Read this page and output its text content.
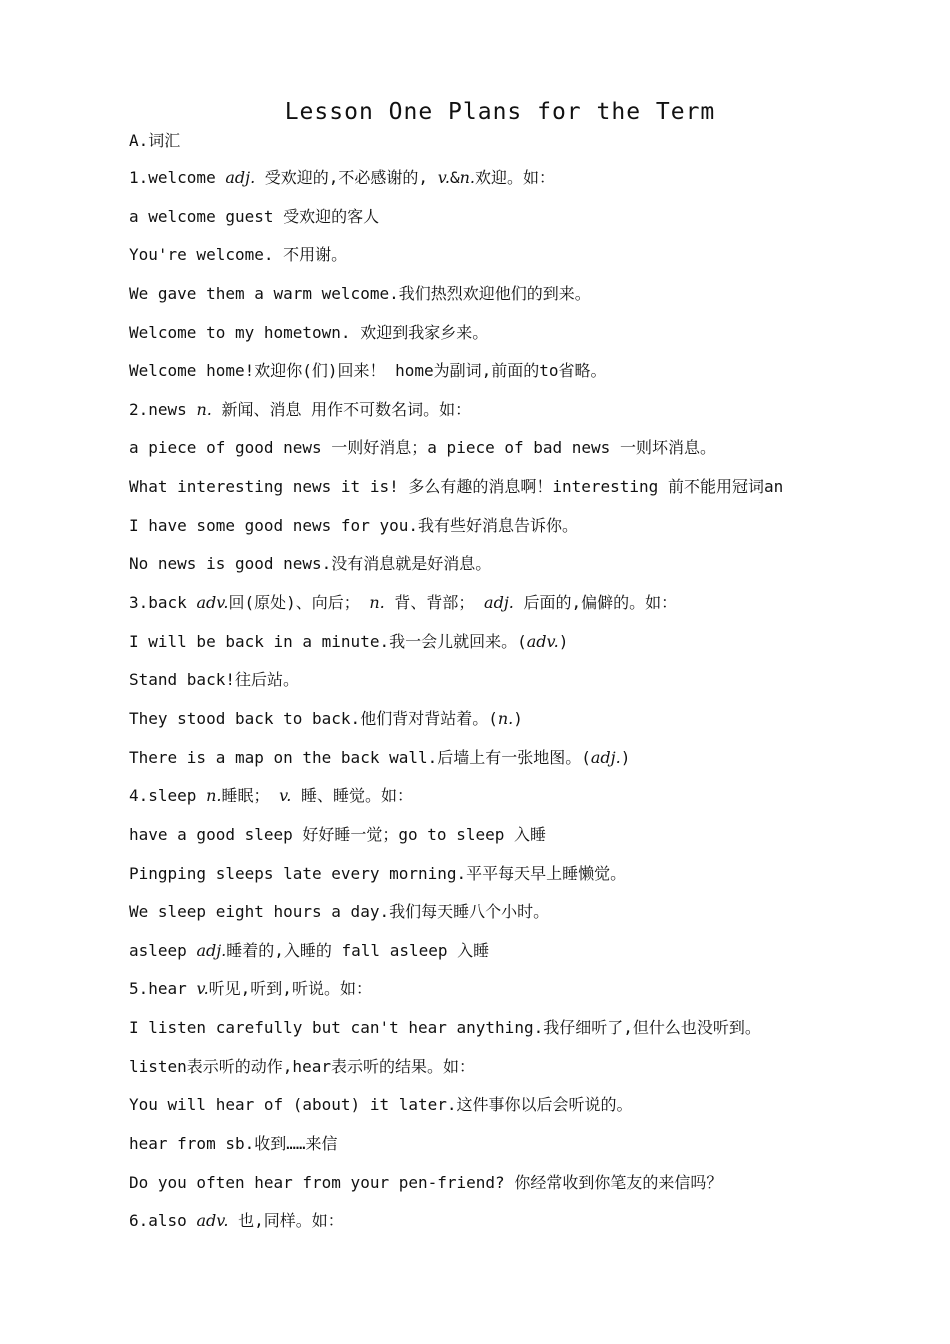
Lesson One Plans for the Term
A.词汇
1.welcome adj. 受欢迎的,不必感谢的, v.&n.欢迎。如：
a welcome guest 受欢迎的客人
You're welcome. 不用谢。
We gave them a warm welcome.我们热烈欢迎他们的到来。
Welcome to my hometown. 欢迎到我家乡来。
Welcome home!欢迎你(们)回来！ home为副词,前面的to省略。
2.news n. 新闻、消息 用作不可数名词。如：
a piece of good news 一则好消息；a piece of bad news 一则坏消息。
What interesting news it is! 多么有趣的消息啊！interesting 前不能用冠词an
I have some good news for you.我有些好消息告诉你。
No news is good news.没有消息就是好消息。
3.back adv.回(原处)、向后； n. 背、背部； adj. 后面的,偏僻的。如：
I will be back in a minute.我一会儿就回来。(adv.)
Stand back!往后站。
They stood back to back.他们背对背站着。(n.)
There is a map on the back wall.后墙上有一张地图。(adj.)
4.sleep n.睡眠； v. 睡、睡觉。如：
have a good sleep 好好睡一觉；go to sleep 入睡
Pingping sleeps late every morning.平平每天早上睡懒觉。
We sleep eight hours a day.我们每天睡八个小时。
asleep adj.睡着的,入睡的 fall asleep 入睡
5.hear v.听见,听到,听说。如：
I listen carefully but can't hear anything.我仔细听了,但什么也没听到。
listen表示听的动作,hear表示听的结果。如：
You will hear of (about) it later.这件事你以后会听说的。
hear from sb.收到……来信
Do you often hear from your pen-friend? 你经常收到你笔友的来信吗？
6.also adv. 也,同样。如：
